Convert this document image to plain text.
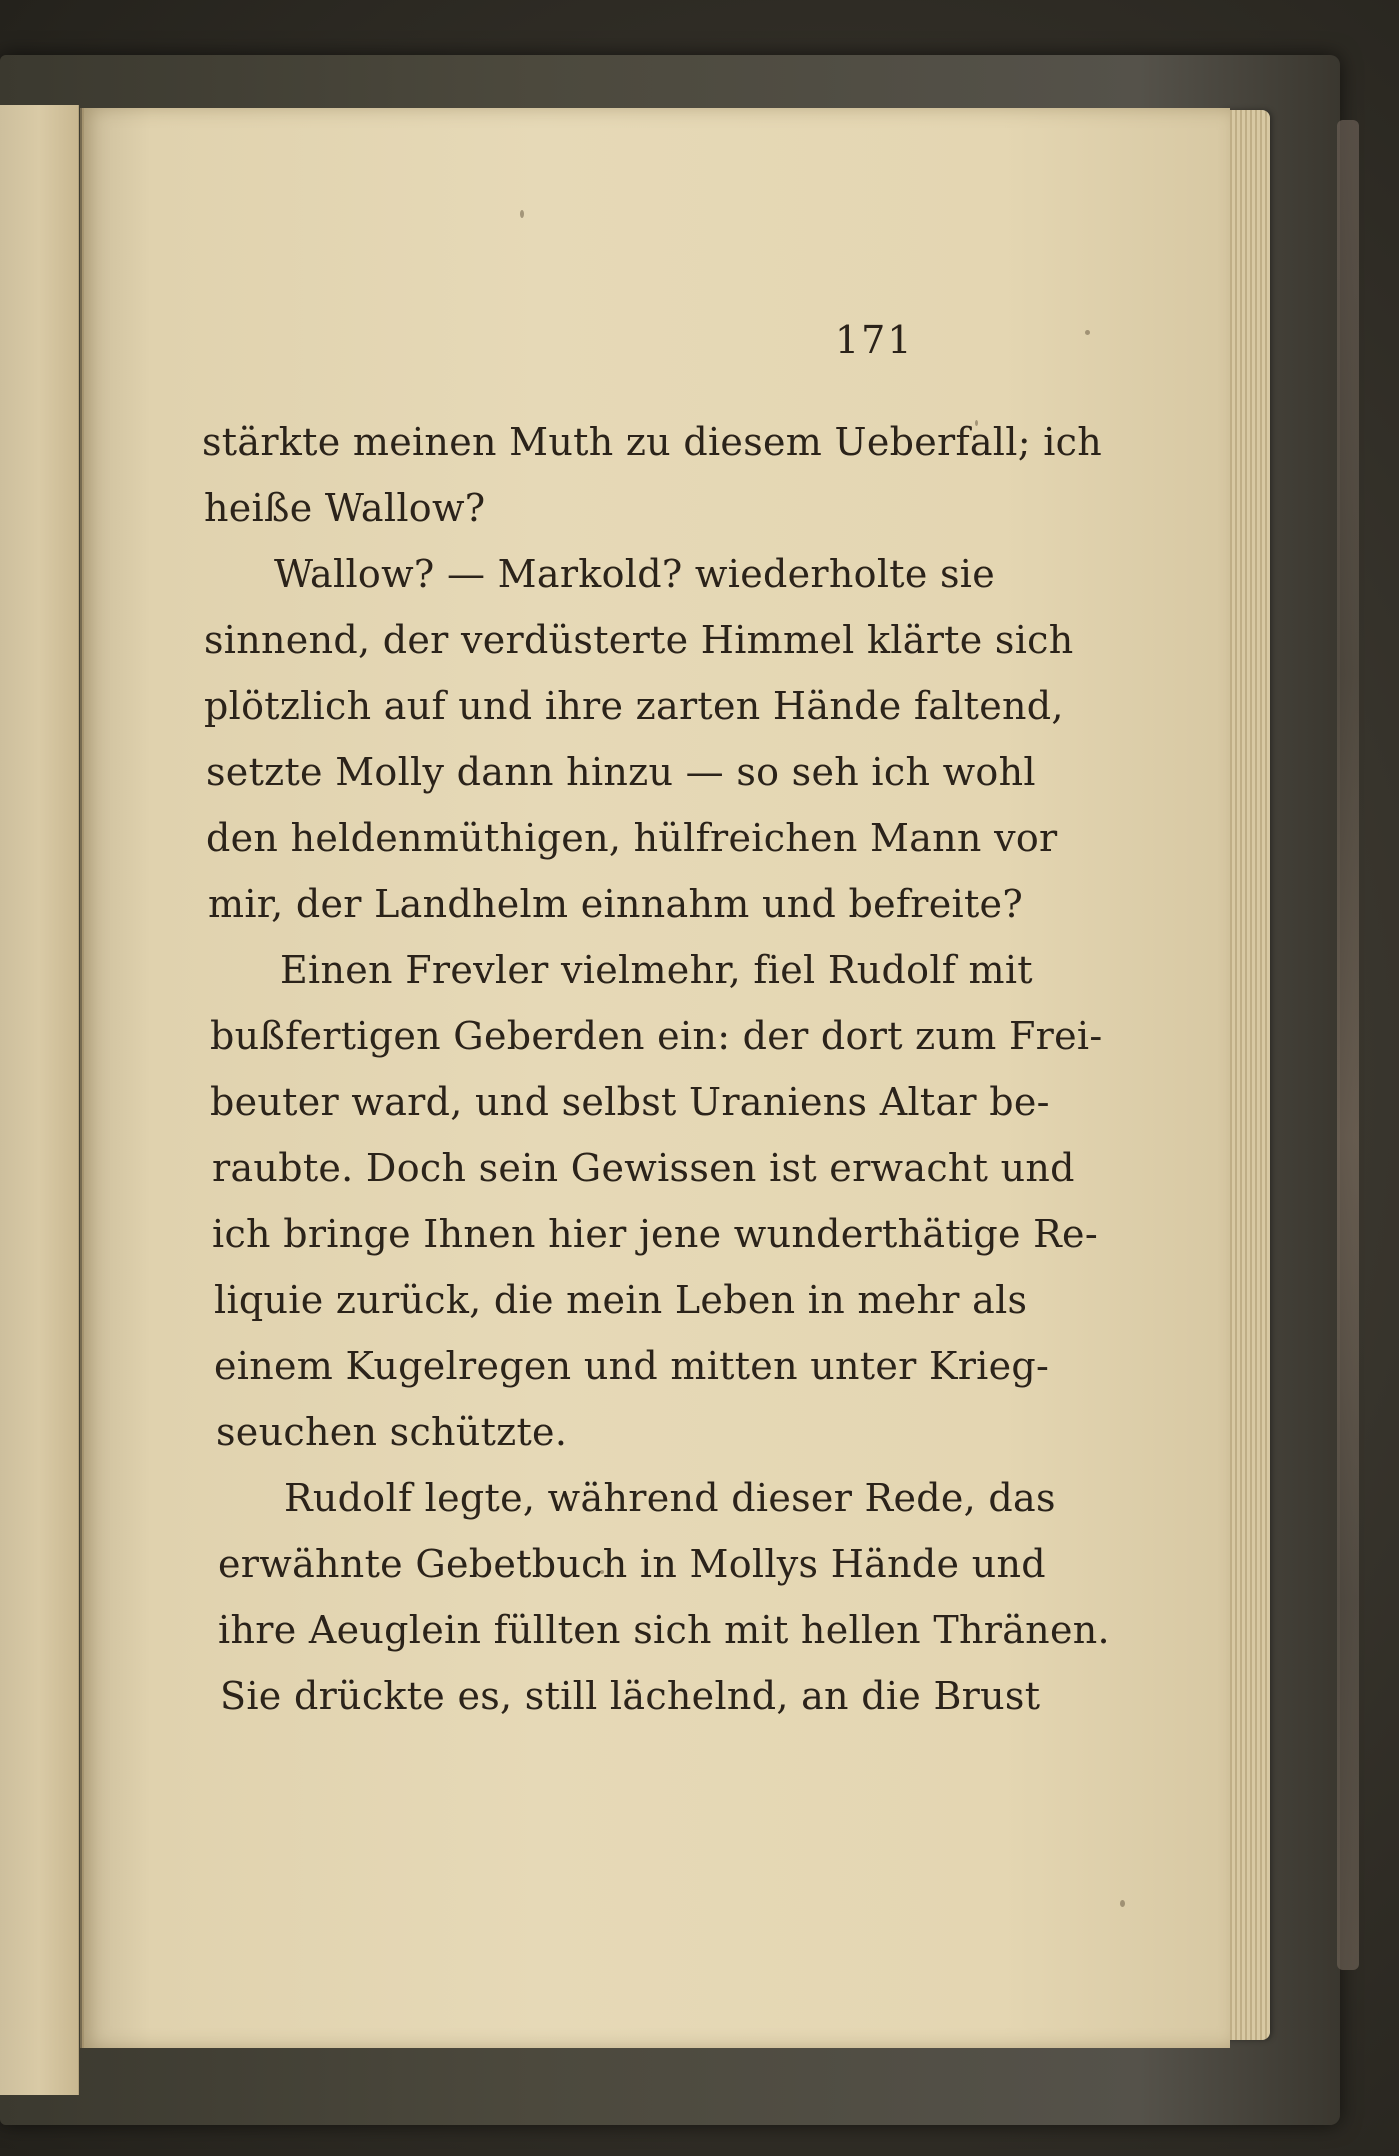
171
stärkte meinen Muth zu diesem Ueberfall; ich
heiße Wallow?
Wallow? — Markold? wiederholte sie
sinnend, der verdüsterte Himmel klärte sich
plötzlich auf und ihre zarten Hände faltend,
setzte Molly dann hinzu — so seh ich wohl
den heldenmüthigen, hülfreichen Mann vor
mir, der Landhelm einnahm und befreite?
Einen Frevler vielmehr, fiel Rudolf mit
bußfertigen Geberden ein: der dort zum Frei-
beuter ward, und selbst Uraniens Altar be-
raubte. Doch sein Gewissen ist erwacht und
ich bringe Ihnen hier jene wunderthätige Re-
liquie zurück, die mein Leben in mehr als
einem Kugelregen und mitten unter Krieg-
seuchen schützte.
Rudolf legte, während dieser Rede, das
erwähnte Gebetbuch in Mollys Hände und
ihre Aeuglein füllten sich mit hellen Thränen.
Sie drückte es, still lächelnd, an die Brust
